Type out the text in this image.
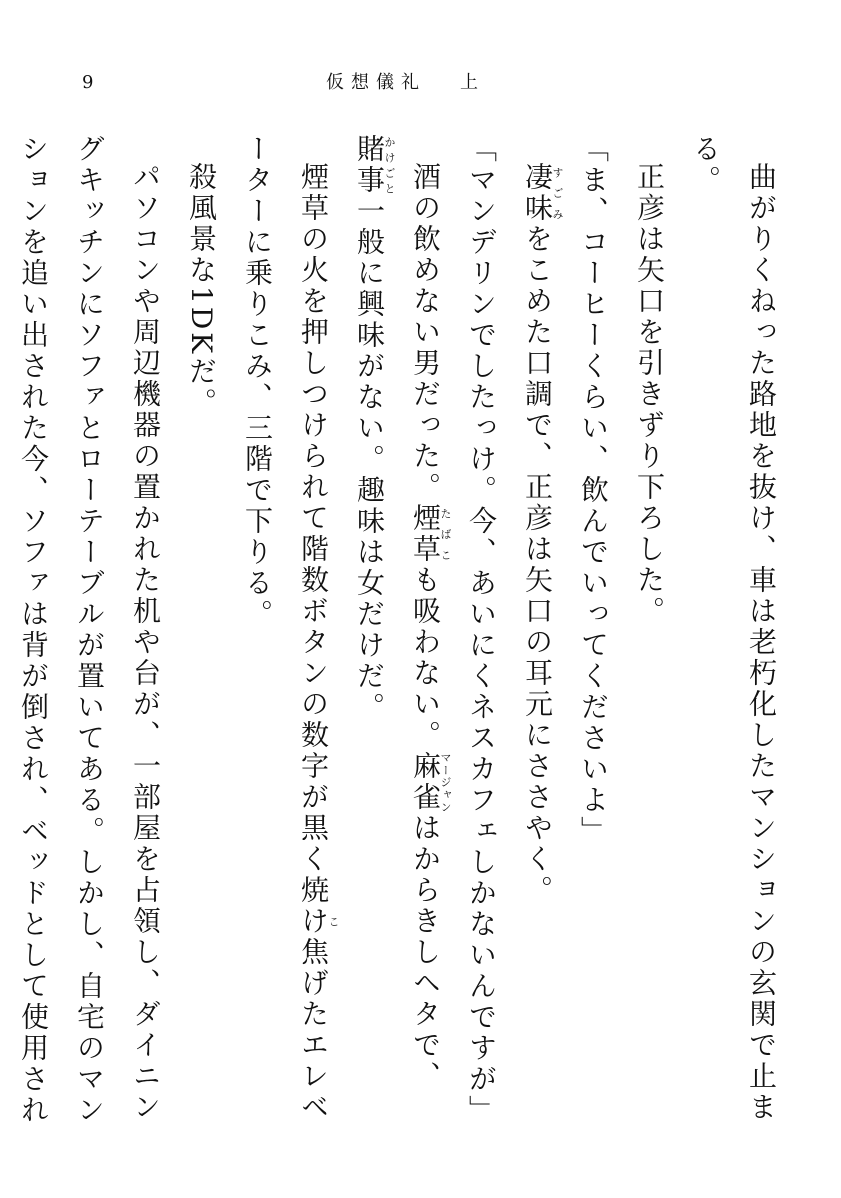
9	仮想儀礼 上

曲がりくねった路地を抜け、車は老朽化したマンションの玄関で止まる。

正彦は矢口を引きずり下ろした。

「ま、コーヒーくらい、飲んでいってくださいよ」

凄味すごみをこめた口調で、正彦は矢口の耳元にささやく。

「マンデリンでしたっけ。今、あいにくネスカフェしかないんですが」

酒の飲めない男だった。煙草たばこも吸わない。麻雀マージャンはからきしヘタで、賭事かけごと一般に興味がない。趣味は女だけだ。

煙草の火を押しつけられて階数ボタンの数字が黒く焼け焦こげたエレベーターに乗りこみ、三階で下りる。

殺風景な1DKだ。

パソコンや周辺機器の置かれた机や台が、一部屋を占領し、ダイニングキッチンにソファとローテーブルが置いてある。しかし、自宅のマンションを追い出された今、ソファは背が倒され、ベッドとして使用され
